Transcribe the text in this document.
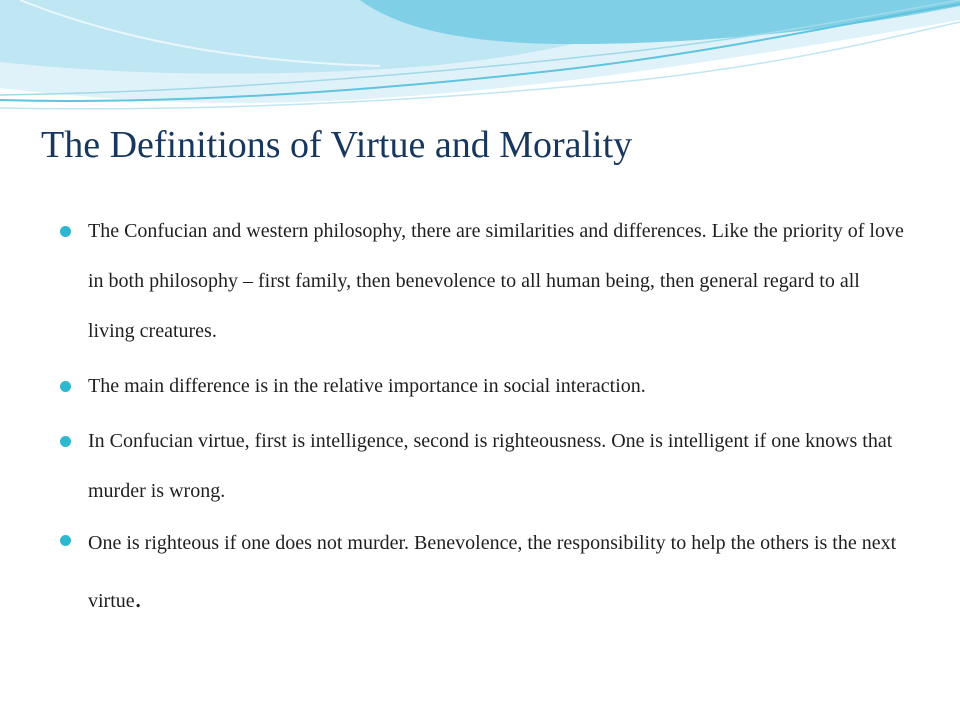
The Definitions of Virtue and Morality
The Confucian and western philosophy, there are similarities and differences. Like the priority of love in both philosophy – first family, then benevolence to all human being, then general regard to all living creatures.
The main difference is in the relative importance in social interaction.
In Confucian virtue, first is intelligence, second is righteousness. One is intelligent if one knows that murder is wrong.
One is righteous if one does not murder. Benevolence, the responsibility to help the others is the next virtue.
